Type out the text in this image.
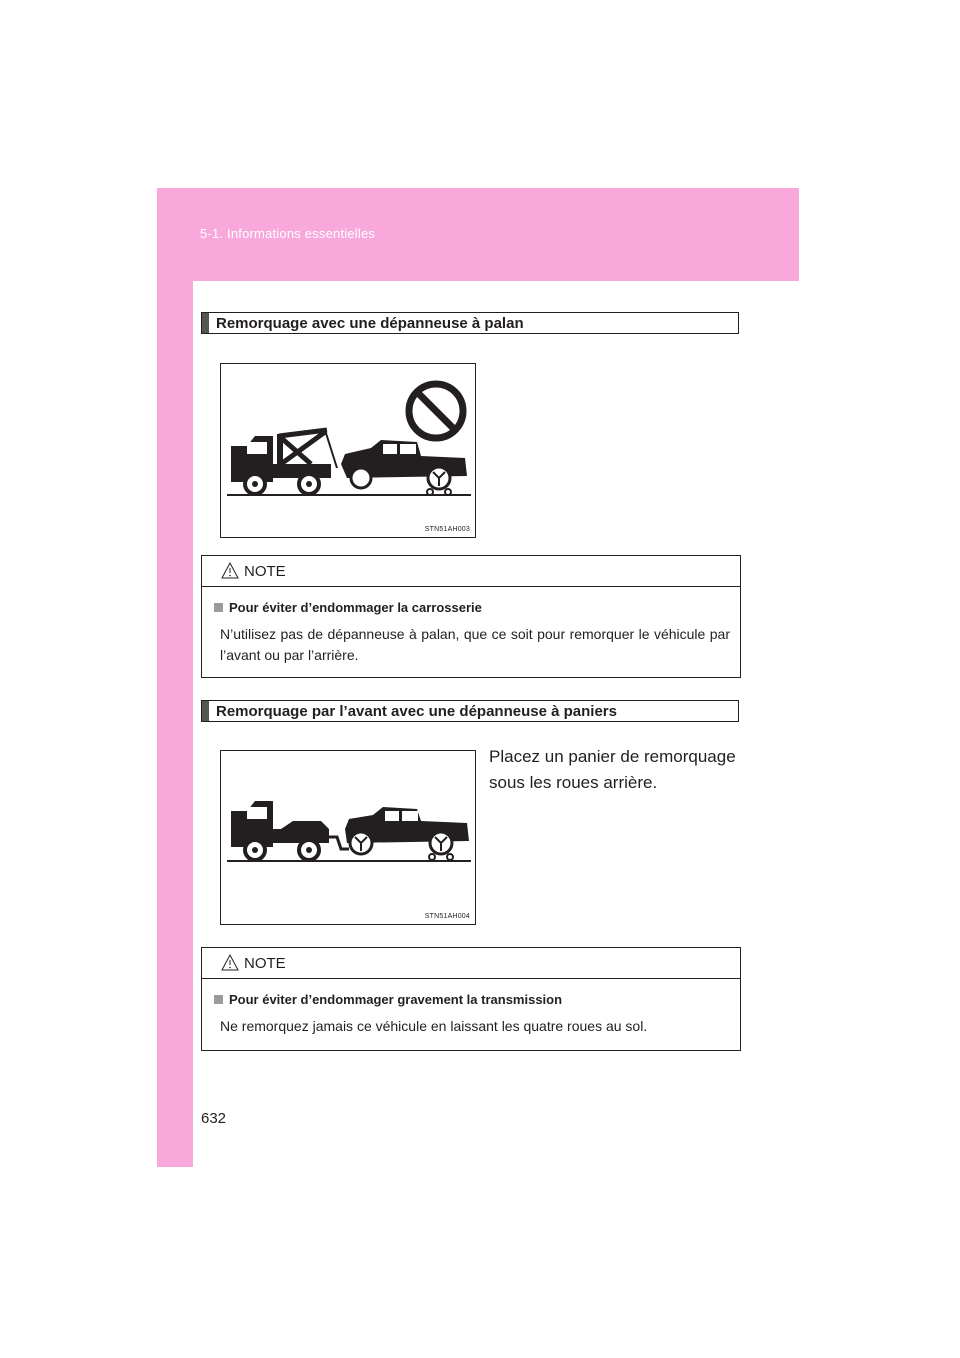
5-1. Informations essentielles
Remorquage avec une dépanneuse à palan
STN51AH003
NOTE
Pour éviter d’endommager la carrosserie
N’utilisez pas de dépanneuse à palan, que ce soit pour remorquer le véhicule par l’avant ou par l’arrière.
Remorquage par l’avant avec une dépanneuse à paniers
STN51AH004
Placez un panier de remorquage sous les roues arrière.
NOTE
Pour éviter d’endommager gravement la transmission
Ne remorquez jamais ce véhicule en laissant les quatre roues au sol.
632
